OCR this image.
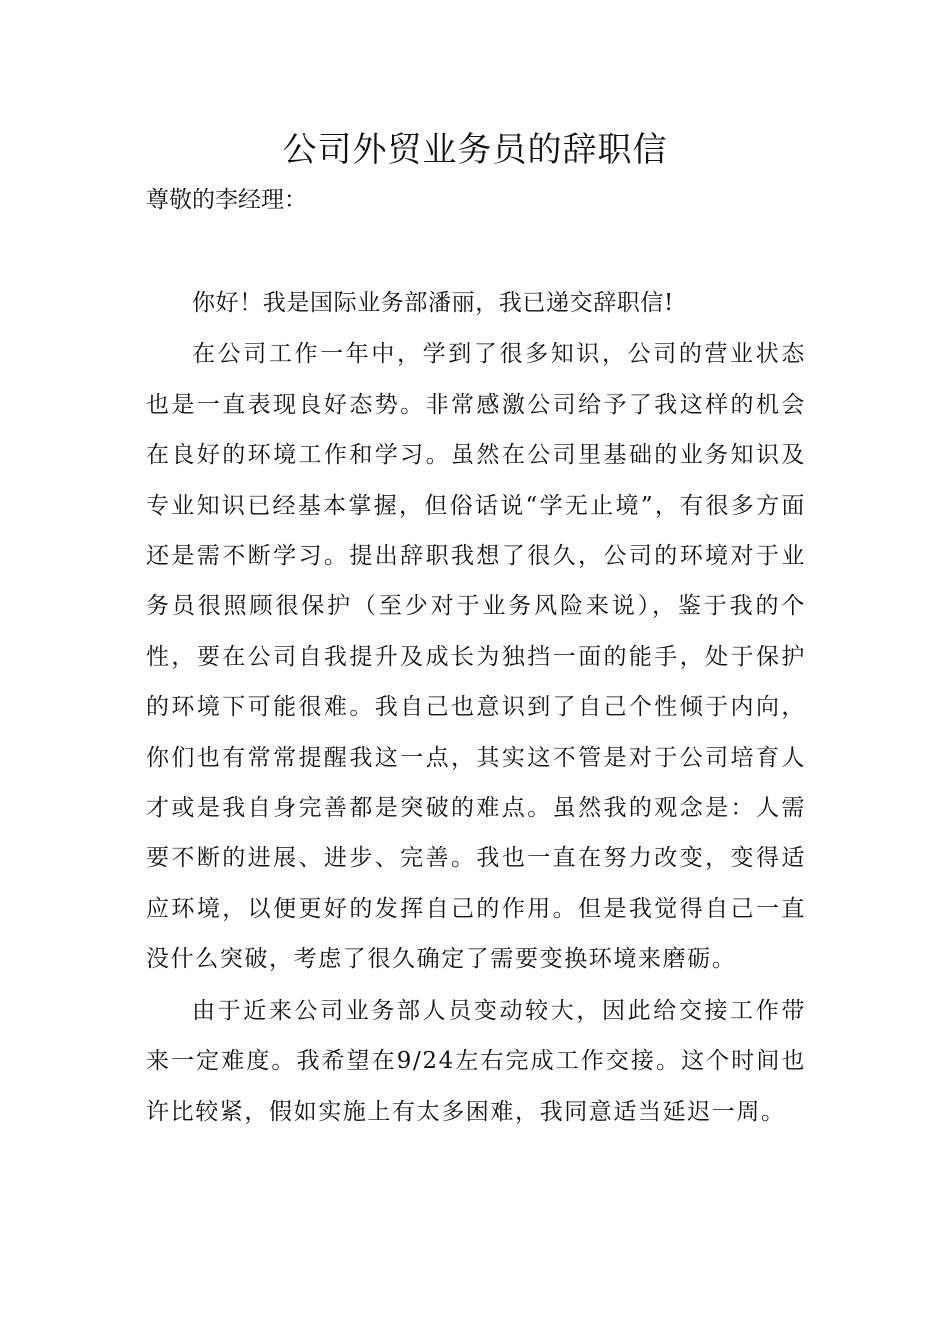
公司外贸业务员的辞职信

尊敬的李经理：

你好！我是国际业务部潘丽，我已递交辞职信!

在公司工作一年中，学到了很多知识，公司的营业状态也是一直表现良好态势。非常感激公司给予了我这样的机会在良好的环境工作和学习。虽然在公司里基础的业务知识及专业知识已经基本掌握，但俗话说“学无止境”，有很多方面还是需不断学习。提出辞职我想了很久，公司的环境对于业务员很照顾很保护（至少对于业务风险来说），鉴于我的个性，要在公司自我提升及成长为独挡一面的能手，处于保护的环境下可能很难。我自己也意识到了自己个性倾于内向，你们也有常常提醒我这一点，其实这不管是对于公司培育人才或是我自身完善都是突破的难点。虽然我的观念是：人需要不断的进展、进步、完善。我也一直在努力改变，变得适应环境，以便更好的发挥自己的作用。但是我觉得自己一直没什么突破，考虑了很久确定了需要变换环境来磨砺。

由于近来公司业务部人员变动较大，因此给交接工作带来一定难度。我希望在9/24左右完成工作交接。这个时间也许比较紧，假如实施上有太多困难，我同意适当延迟一周。
